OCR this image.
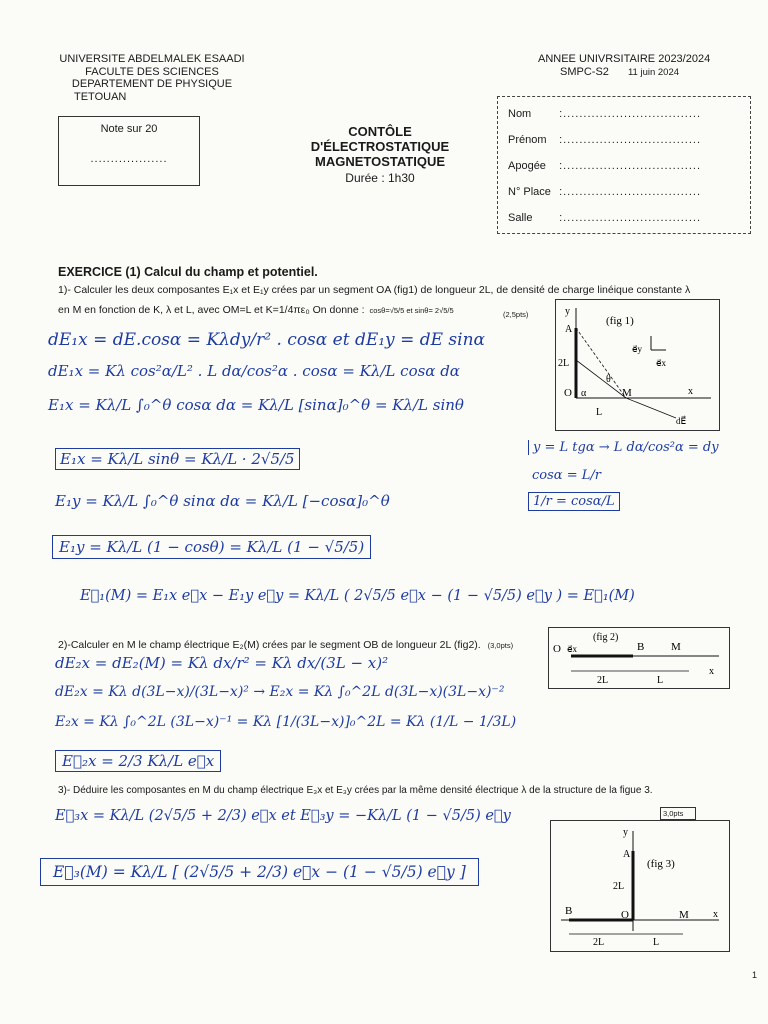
UNIVERSITE ABDELMALEK ESAADI
FACULTE DES SCIENCES
DEPARTEMENT DE PHYSIQUE
TETOUAN
ANNEE UNIVRSITAIRE 2023/2024
SMPC-S2 11 juin 2024
Note sur 20
...................
CONTÔLE
D'ÉLECTROSTATIQUE
MAGNETOSTATIQUE
Durée : 1h30
Nom	:..................................
Prénom :..................................
Apogée :..................................
N° Place :..................................
Salle :..................................
EXERCICE (1) Calcul du champ et potentiel.
1)- Calculer les deux composantes E₁x et E₁y crées par un segment OA (fig1) de longueur 2L, de densité de charge linéique constante λ
en M en fonction de K, λ et L, avec OM=L et K=1/4πε₀ On donne : cosθ=√5/5 et sinθ= 2√5/5	(2,5pts)
(fig 1)
y
A
2L
O α
θ
M	x
L
e⃗y
e⃗x
dE⃗
dE₁x = dE.cosα = Kλdy/r² . cosα et dE₁y = dE sinα
dE₁x = Kλ cos²α/L² . L dα/cos²α . cosα = Kλ/L cosα dα
E₁x = Kλ/L ∫₀^θ cosα dα = Kλ/L [sinα]₀^θ = Kλ/L sinθ
E₁x = Kλ/L sinθ = Kλ/L · 2√5/5
y = L tgα → L dα/cos²α = dy
cosα = L/r
E₁y = Kλ/L ∫₀^θ sinα dα = Kλ/L [−cosα]₀^θ	1/r = cosα/L
E₁y = Kλ/L (1 − cosθ) = Kλ/L (1 − √5/5)
E⃗₁(M) = E₁x e⃗x − E₁y e⃗y = Kλ/L ( 2√5/5 e⃗x − (1 − √5/5) e⃗y ) = E⃗₁(M)
2)-Calculer en M le champ électrique E₂(M) crées par le segment OB de longueur 2L (fig2). (3,0pts)	O e⃗x
(fig 2)
B M
2L	L
x
dE₂x = dE₂(M) = Kλ dx/r² = Kλ dx/(3L − x)²
dE₂x = Kλ d(3L−x)/(3L−x)² → E₂x = Kλ ∫₀^2L d(3L−x)(3L−x)⁻²
E₂x = Kλ ∫₀^2L (3L−x)⁻¹ = Kλ [1/(3L−x)]₀^2L = Kλ (1/L − 1/3L)
E⃗₂x = 2/3 Kλ/L e⃗x
3)- Déduire les composantes en M du champ électrique E₃x et E₃y crées par la même densité électrique λ de la structure de la figue 3.
3,0pts
E⃗₃x = Kλ/L (2√5/5 + 2/3) e⃗x et E⃗₃y = −Kλ/L (1 − √5/5) e⃗y
E⃗₃(M) = Kλ/L [ (2√5/5 + 2/3) e⃗x − (1 − √5/5) e⃗y ]
y
A
(fig 3)
2L
B	O	M x
2L	L
1
